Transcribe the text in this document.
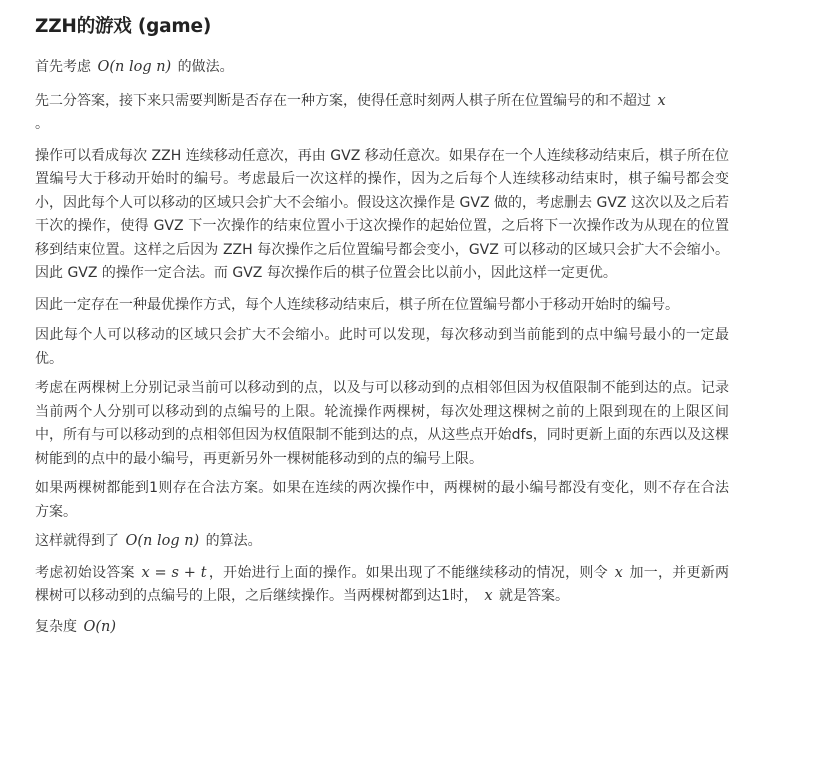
ZZH的游戏 (game)

首先考虑 O(n log n) 的做法。

先二分答案，接下来只需要判断是否存在一种方案，使得任意时刻两人棋子所在位置编号的和不超过 x
。

操作可以看成每次 ZZH 连续移动任意次，再由 GVZ 移动任意次。如果存在一个人连续移动结束后，棋子所在位置编号大于移动开始时的编号。考虑最后一次这样的操作，因为之后每个人连续移动结束时，棋子编号都会变小，因此每个人可以移动的区域只会扩大不会缩小。假设这次操作是 GVZ 做的，考虑删去 GVZ 这次以及之后若干次的操作，使得 GVZ 下一次操作的结束位置小于这次操作的起始位置，之后将下一次操作改为从现在的位置移到结束位置。这样之后因为 ZZH 每次操作之后位置编号都会变小，GVZ 可以移动的区域只会扩大不会缩小。因此 GVZ 的操作一定合法。而 GVZ 每次操作后的棋子位置会比以前小，因此这样一定更优。

因此一定存在一种最优操作方式，每个人连续移动结束后，棋子所在位置编号都小于移动开始时的编号。

因此每个人可以移动的区域只会扩大不会缩小。此时可以发现，每次移动到当前能到的点中编号最小的一定最优。

考虑在两棵树上分别记录当前可以移动到的点，以及与可以移动到的点相邻但因为权值限制不能到达的点。记录当前两个人分别可以移动到的点编号的上限。轮流操作两棵树，每次处理这棵树之前的上限到现在的上限区间中，所有与可以移动到的点相邻但因为权值限制不能到达的点，从这些点开始dfs，同时更新上面的东西以及这棵树能到的点中的最小编号，再更新另外一棵树能移动到的点的编号上限。

如果两棵树都能到1则存在合法方案。如果在连续的两次操作中，两棵树的最小编号都没有变化，则不存在合法方案。

这样就得到了 O(n log n) 的算法。

考虑初始设答案 x = s + t ，开始进行上面的操作。如果出现了不能继续移动的情况，则令 x 加一，并更新两棵树可以移动到的点编号的上限，之后继续操作。当两棵树都到达1时， x 就是答案。

复杂度 O(n)
